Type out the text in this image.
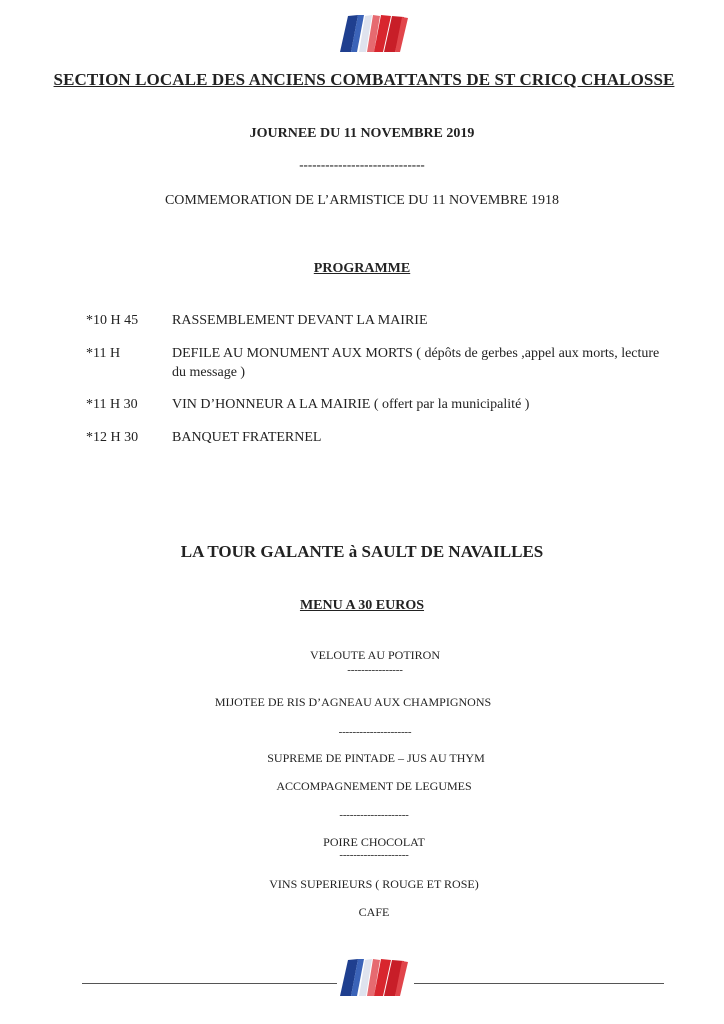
SECTION LOCALE DES ANCIENS COMBATTANTS DE ST CRICQ CHALOSSE
JOURNEE DU 11 NOVEMBRE 2019
-----------------------------
COMMEMORATION DE L’ARMISTICE DU 11 NOVEMBRE 1918
PROGRAMME
*10 H 45	RASSEMBLEMENT DEVANT LA MAIRIE
*11 H	DEFILE AU MONUMENT AUX MORTS ( dépôts de gerbes ,appel aux morts, lecture du message )
*11 H 30	VIN D’HONNEUR A LA MAIRIE ( offert par la municipalité )
*12 H 30	BANQUET FRATERNEL
LA TOUR GALANTE à SAULT DE NAVAILLES
MENU A 30 EUROS
VELOUTE AU POTIRON
----------------
MIJOTEE DE RIS D’AGNEAU AUX CHAMPIGNONS
---------------------
SUPREME DE PINTADE – JUS AU THYM
ACCOMPAGNEMENT DE LEGUMES
--------------------
POIRE CHOCOLAT
--------------------
VINS SUPERIEURS ( ROUGE ET ROSE)
CAFE
